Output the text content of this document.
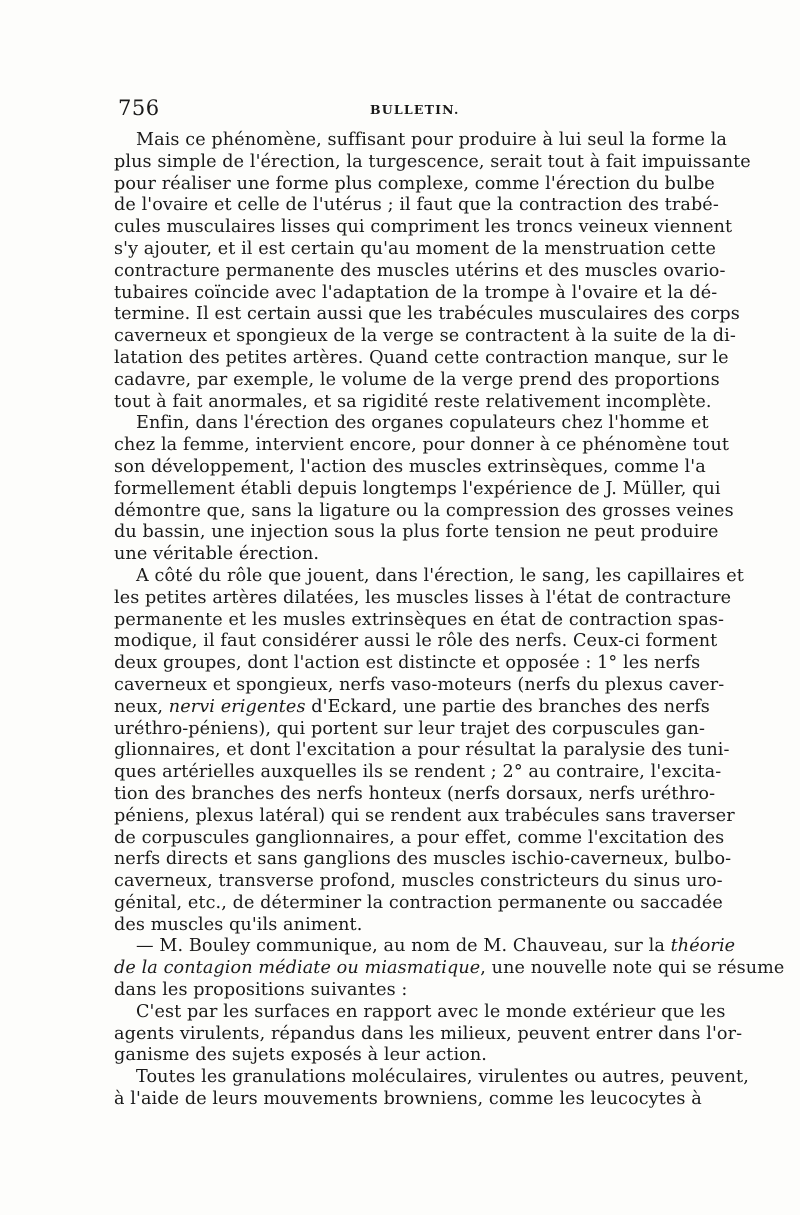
756	BULLETIN.
Mais ce phénomène, suffisant pour produire à lui seul la forme la
plus simple de l'érection, la turgescence, serait tout à fait impuissante
pour réaliser une forme plus complexe, comme l'érection du bulbe
de l'ovaire et celle de l'utérus ; il faut que la contraction des trabé-
cules musculaires lisses qui compriment les troncs veineux viennent
s'y ajouter, et il est certain qu'au moment de la menstruation cette
contracture permanente des muscles utérins et des muscles ovario-
tubaires coïncide avec l'adaptation de la trompe à l'ovaire et la dé-
termine. Il est certain aussi que les trabécules musculaires des corps
caverneux et spongieux de la verge se contractent à la suite de la di-
latation des petites artères. Quand cette contraction manque, sur le
cadavre, par exemple, le volume de la verge prend des proportions
tout à fait anormales, et sa rigidité reste relativement incomplète.
Enfin, dans l'érection des organes copulateurs chez l'homme et
chez la femme, intervient encore, pour donner à ce phénomène tout
son développement, l'action des muscles extrinsèques, comme l'a
formellement établi depuis longtemps l'expérience de J. Müller, qui
démontre que, sans la ligature ou la compression des grosses veines
du bassin, une injection sous la plus forte tension ne peut produire
une véritable érection.
A côté du rôle que jouent, dans l'érection, le sang, les capillaires et
les petites artères dilatées, les muscles lisses à l'état de contracture
permanente et les musles extrinsèques en état de contraction spas-
modique, il faut considérer aussi le rôle des nerfs. Ceux-ci forment
deux groupes, dont l'action est distincte et opposée : 1° les nerfs
caverneux et spongieux, nerfs vaso-moteurs (nerfs du plexus caver-
neux, nervi erigentes d'Eckard, une partie des branches des nerfs
uréthro-péniens), qui portent sur leur trajet des corpuscules gan-
glionnaires, et dont l'excitation a pour résultat la paralysie des tuni-
ques artérielles auxquelles ils se rendent ; 2° au contraire, l'excita-
tion des branches des nerfs honteux (nerfs dorsaux, nerfs uréthro-
péniens, plexus latéral) qui se rendent aux trabécules sans traverser
de corpuscules ganglionnaires, a pour effet, comme l'excitation des
nerfs directs et sans ganglions des muscles ischio-caverneux, bulbo-
caverneux, transverse profond, muscles constricteurs du sinus uro-
génital, etc., de déterminer la contraction permanente ou saccadée
des muscles qu'ils animent.
— M. Bouley communique, au nom de M. Chauveau, sur la théorie
de la contagion médiate ou miasmatique, une nouvelle note qui se résume
dans les propositions suivantes :
C'est par les surfaces en rapport avec le monde extérieur que les
agents virulents, répandus dans les milieux, peuvent entrer dans l'or-
ganisme des sujets exposés à leur action.
Toutes les granulations moléculaires, virulentes ou autres, peuvent,
à l'aide de leurs mouvements browniens, comme les leucocytes à
